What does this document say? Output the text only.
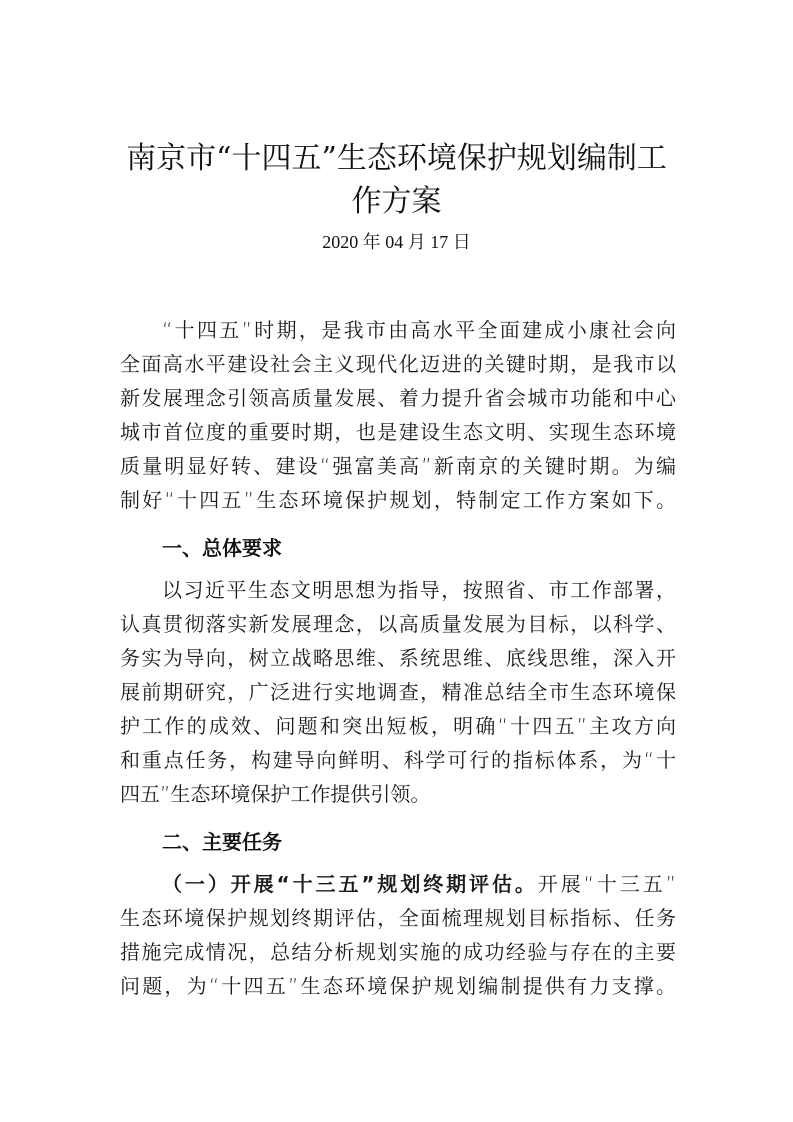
南京市“十四五”生态环境保护规划编制工
作方案
2020 年 04 月 17 日
“十四五”时期，是我市由高水平全面建成小康社会向
全面高水平建设社会主义现代化迈进的关键时期，是我市以
新发展理念引领高质量发展、着力提升省会城市功能和中心
城市首位度的重要时期，也是建设生态文明、实现生态环境
质量明显好转、建设“强富美高”新南京的关键时期。为编
制好“十四五”生态环境保护规划，特制定工作方案如下。
一、总体要求
以习近平生态文明思想为指导，按照省、市工作部署，
认真贯彻落实新发展理念，以高质量发展为目标，以科学、
务实为导向，树立战略思维、系统思维、底线思维，深入开
展前期研究，广泛进行实地调查，精准总结全市生态环境保
护工作的成效、问题和突出短板，明确“十四五”主攻方向
和重点任务，构建导向鲜明、科学可行的指标体系，为“十
四五”生态环境保护工作提供引领。
二、主要任务
（一）开展“十三五”规划终期评估。开展“十三五”
生态环境保护规划终期评估，全面梳理规划目标指标、任务
措施完成情况，总结分析规划实施的成功经验与存在的主要
问题，为“十四五”生态环境保护规划编制提供有力支撑。
